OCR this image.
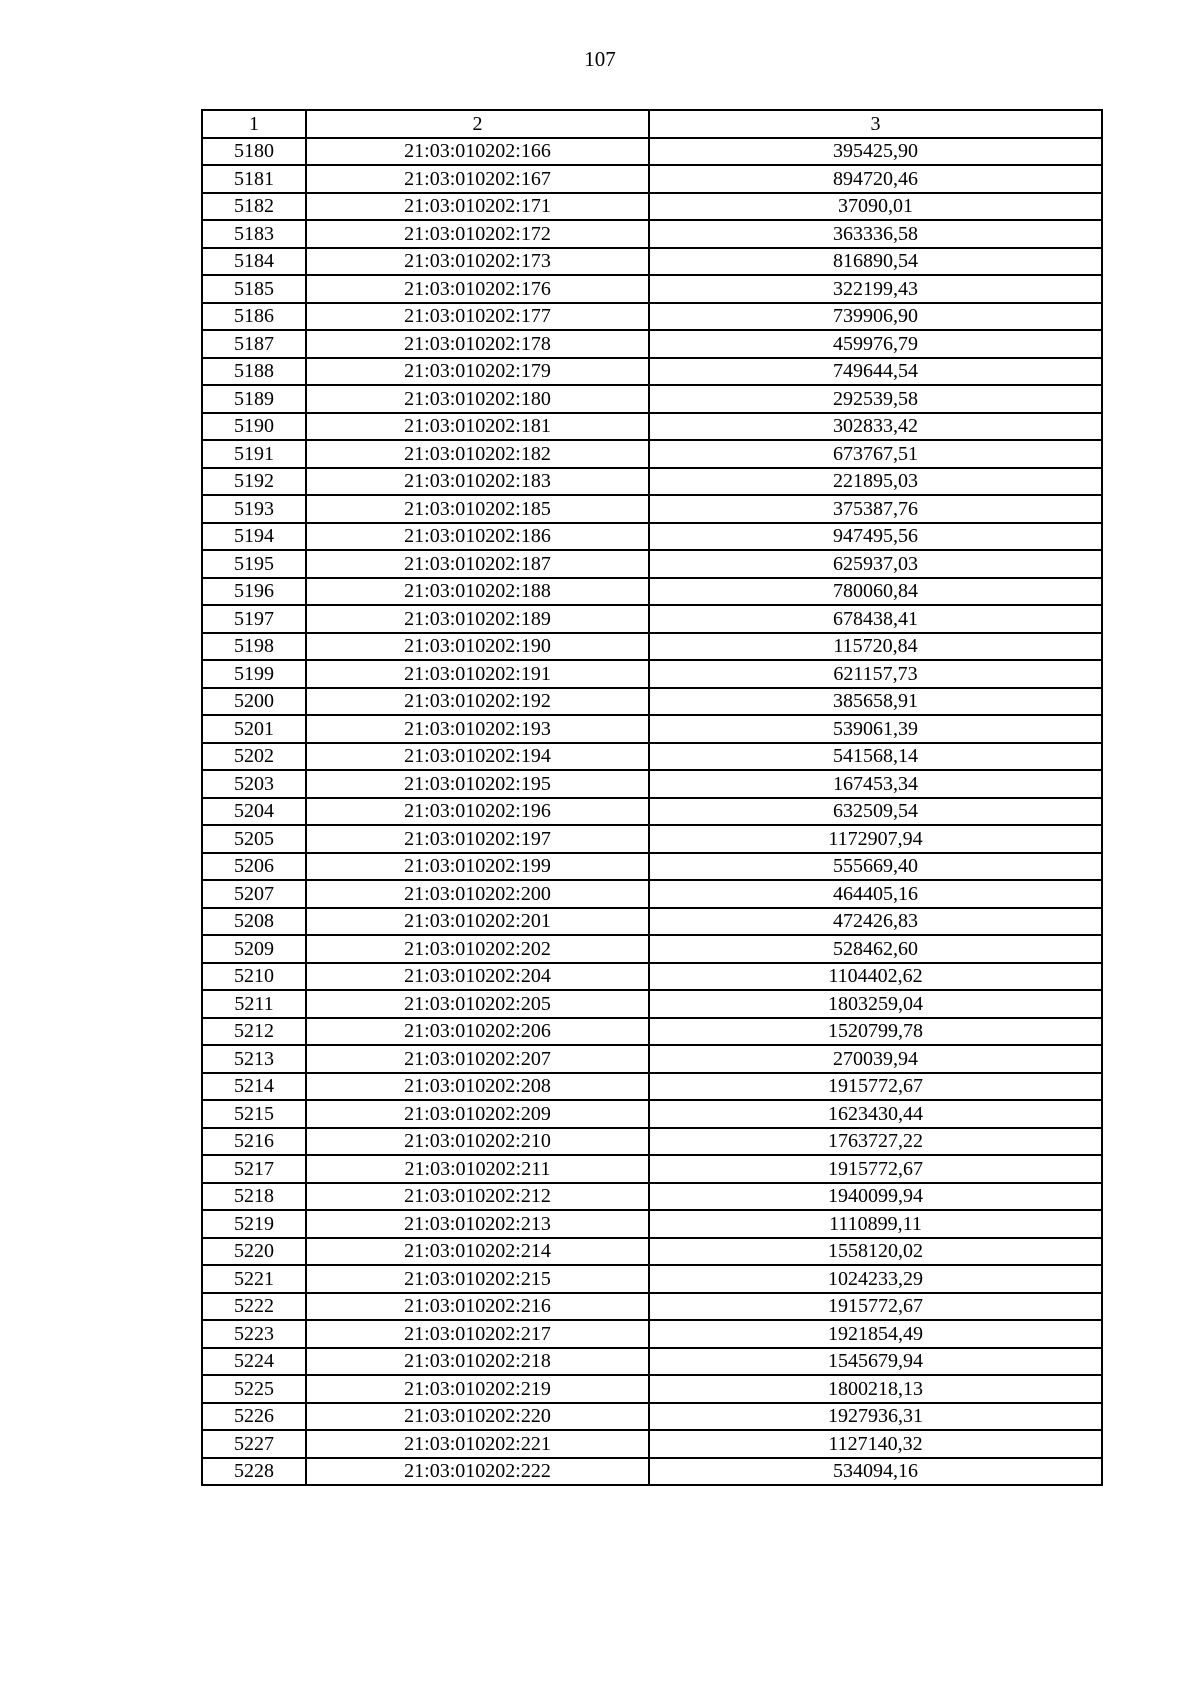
107
1	2	3
5180	21:03:010202:166	395425,90
5181	21:03:010202:167	894720,46
5182	21:03:010202:171	37090,01
5183	21:03:010202:172	363336,58
5184	21:03:010202:173	816890,54
5185	21:03:010202:176	322199,43
5186	21:03:010202:177	739906,90
5187	21:03:010202:178	459976,79
5188	21:03:010202:179	749644,54
5189	21:03:010202:180	292539,58
5190	21:03:010202:181	302833,42
5191	21:03:010202:182	673767,51
5192	21:03:010202:183	221895,03
5193	21:03:010202:185	375387,76
5194	21:03:010202:186	947495,56
5195	21:03:010202:187	625937,03
5196	21:03:010202:188	780060,84
5197	21:03:010202:189	678438,41
5198	21:03:010202:190	115720,84
5199	21:03:010202:191	621157,73
5200	21:03:010202:192	385658,91
5201	21:03:010202:193	539061,39
5202	21:03:010202:194	541568,14
5203	21:03:010202:195	167453,34
5204	21:03:010202:196	632509,54
5205	21:03:010202:197	1172907,94
5206	21:03:010202:199	555669,40
5207	21:03:010202:200	464405,16
5208	21:03:010202:201	472426,83
5209	21:03:010202:202	528462,60
5210	21:03:010202:204	1104402,62
5211	21:03:010202:205	1803259,04
5212	21:03:010202:206	1520799,78
5213	21:03:010202:207	270039,94
5214	21:03:010202:208	1915772,67
5215	21:03:010202:209	1623430,44
5216	21:03:010202:210	1763727,22
5217	21:03:010202:211	1915772,67
5218	21:03:010202:212	1940099,94
5219	21:03:010202:213	1110899,11
5220	21:03:010202:214	1558120,02
5221	21:03:010202:215	1024233,29
5222	21:03:010202:216	1915772,67
5223	21:03:010202:217	1921854,49
5224	21:03:010202:218	1545679,94
5225	21:03:010202:219	1800218,13
5226	21:03:010202:220	1927936,31
5227	21:03:010202:221	1127140,32
5228	21:03:010202:222	534094,16
